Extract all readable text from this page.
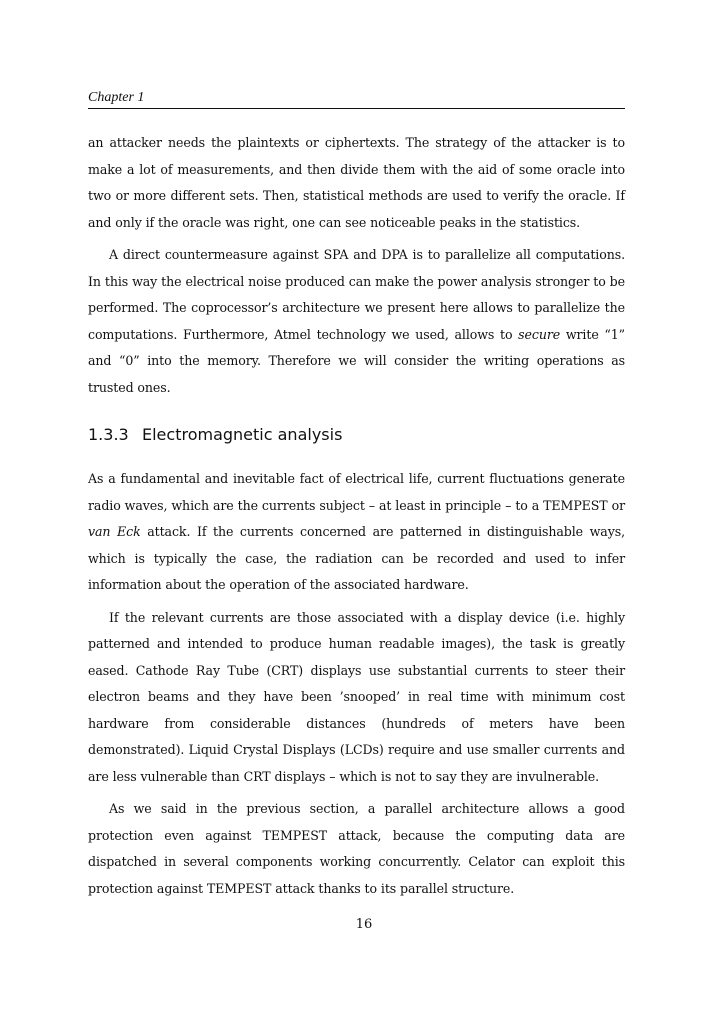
Chapter 1

an attacker needs the plaintexts or ciphertexts. The strategy of the attacker is to make a lot of measurements, and then divide them with the aid of some oracle into two or more different sets. Then, statistical methods are used to verify the oracle. If and only if the oracle was right, one can see noticeable peaks in the statistics.

A direct countermeasure against SPA and DPA is to parallelize all computations. In this way the electrical noise produced can make the power analysis stronger to be performed. The coprocessor’s architecture we present here allows to parallelize the computations. Furthermore, Atmel technology we used, allows to secure write “1” and “0” into the memory. Therefore we will consider the writing operations as trusted ones.

1.3.3 Electromagnetic analysis

As a fundamental and inevitable fact of electrical life, current fluctuations generate radio waves, which are the currents subject – at least in principle – to a TEMPEST or van Eck attack. If the currents concerned are patterned in distinguishable ways, which is typically the case, the radiation can be recorded and used to infer information about the operation of the associated hardware.

If the relevant currents are those associated with a display device (i.e. highly patterned and intended to produce human readable images), the task is greatly eased. Cathode Ray Tube (CRT) displays use substantial currents to steer their electron beams and they have been ’snooped’ in real time with minimum cost hardware from considerable distances (hundreds of meters have been demonstrated). Liquid Crystal Displays (LCDs) require and use smaller currents and are less vulnerable than CRT displays – which is not to say they are invulnerable.

As we said in the previous section, a parallel architecture allows a good protection even against TEMPEST attack, because the computing data are dispatched in several components working concurrently. Celator can exploit this protection against TEMPEST attack thanks to its parallel structure.

16
